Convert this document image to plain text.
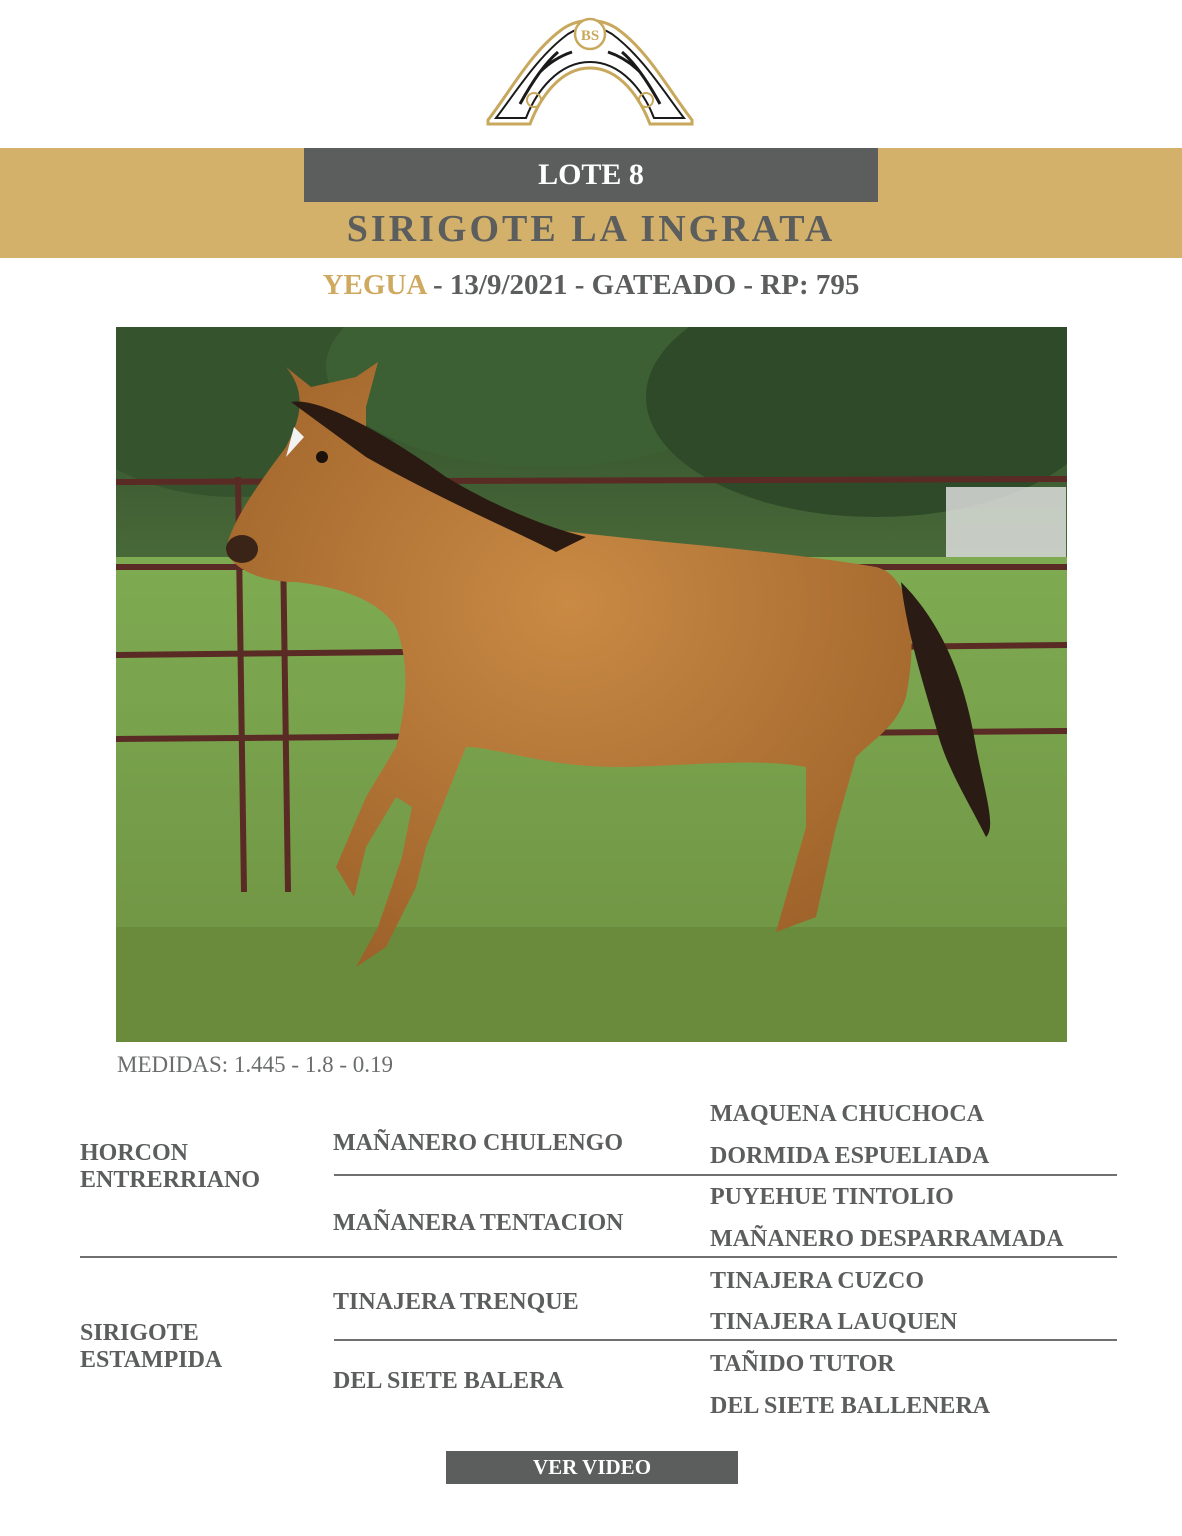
BS
LOTE 8
SIRIGOTE LA INGRATA
YEGUA - 13/9/2021 - GATEADO - RP: 795
MEDIDAS: 1.445 - 1.8 - 0.19
HORCON ENTRERRIANO
SIRIGOTE ESTAMPIDA
MAÑANERO CHULENGO
MAÑANERA TENTACION
TINAJERA TRENQUE
DEL SIETE BALERA
MAQUENA CHUCHOCA
DORMIDA ESPUELIADA
PUYEHUE TINTOLIO
MAÑANERO DESPARRAMADA
TINAJERA CUZCO
TINAJERA LAUQUEN
TAÑIDO TUTOR
DEL SIETE BALLENERA
VER VIDEO
